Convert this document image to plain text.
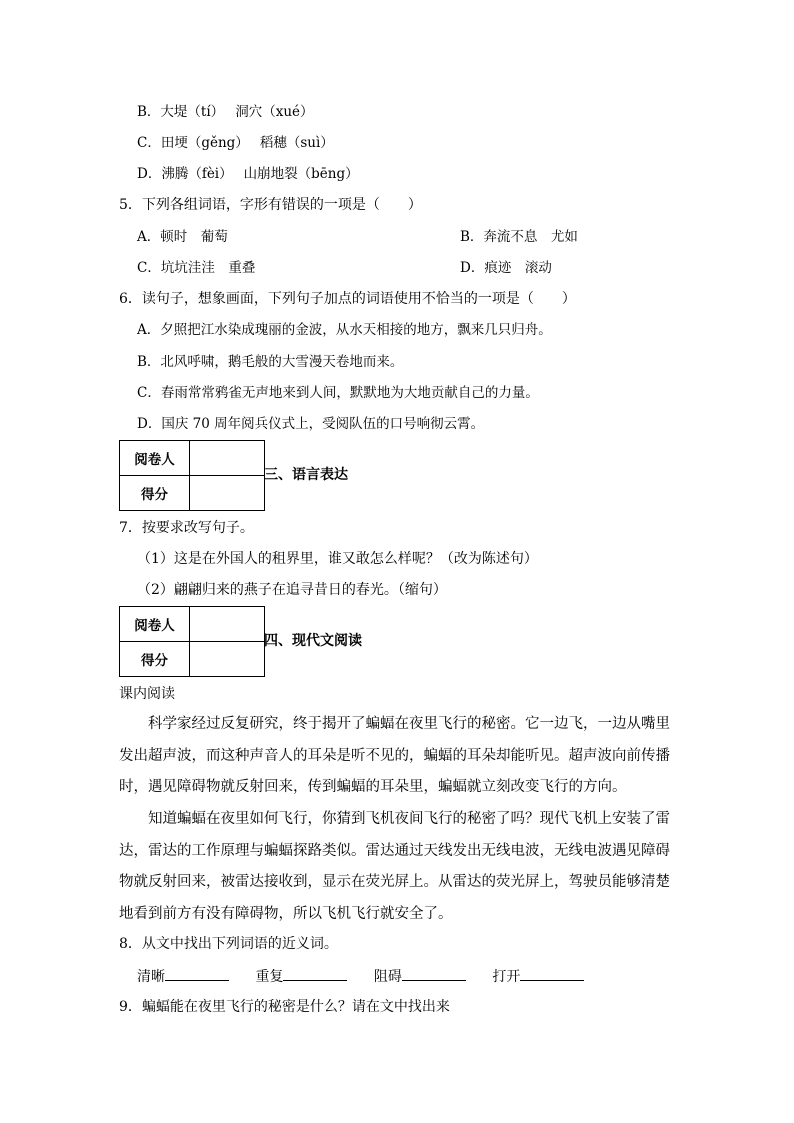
B．大堤（tí）　 洞穴（xué）
C．田埂（gěng）　 稻穗（suì）
D．沸腾（fèi）　 山崩地裂（bēng）
5．下列各组词语，字形有错误的一项是（　　）
A．顿时　葡萄	B．奔流不息　尤如
C．坑坑洼洼　重叠	D．痕迹　滚动
6．读句子，想象画面，下列句子加点的词语使用不恰当的一项是（　　）
A．夕照把江水染成瑰丽的金波，从水天相接的地方，飘来几只归舟。
B．北风呼啸，鹅毛般的大雪漫天卷地而来。
C．春雨常常鸦雀无声地来到人间，默默地为大地贡献自己的力量。
D．国庆 70 周年阅兵仪式上，受阅队伍的口号响彻云霄。
阅卷人	
得分	
三、语言表达
7．按要求改写句子。
（1）这是在外国人的租界里，谁又敢怎么样呢？（改为陈述句）
（2）翩翩归来的燕子在追寻昔日的春光。（缩句）
阅卷人	
得分	
四、现代文阅读
课内阅读
科学家经过反复研究，终于揭开了蝙蝠在夜里飞行的秘密。它一边飞，一边从嘴里发出超声波，而这种声音人的耳朵是听不见的，蝙蝠的耳朵却能听见。超声波向前传播时，遇见障碍物就反射回来，传到蝙蝠的耳朵里，蝙蝠就立刻改变飞行的方向。
知道蝙蝠在夜里如何飞行，你猜到飞机夜间飞行的秘密了吗？现代飞机上安装了雷达，雷达的工作原理与蝙蝠探路类似。雷达通过天线发出无线电波，无线电波遇见障碍物就反射回来，被雷达接收到，显示在荧光屏上。从雷达的荧光屏上，驾驶员能够清楚地看到前方有没有障碍物，所以飞机飞行就安全了。
8．从文中找出下列词语的近义词。
清晰	重复	阻碍	打开
9．蝙蝠能在夜里飞行的秘密是什么？请在文中找出来
